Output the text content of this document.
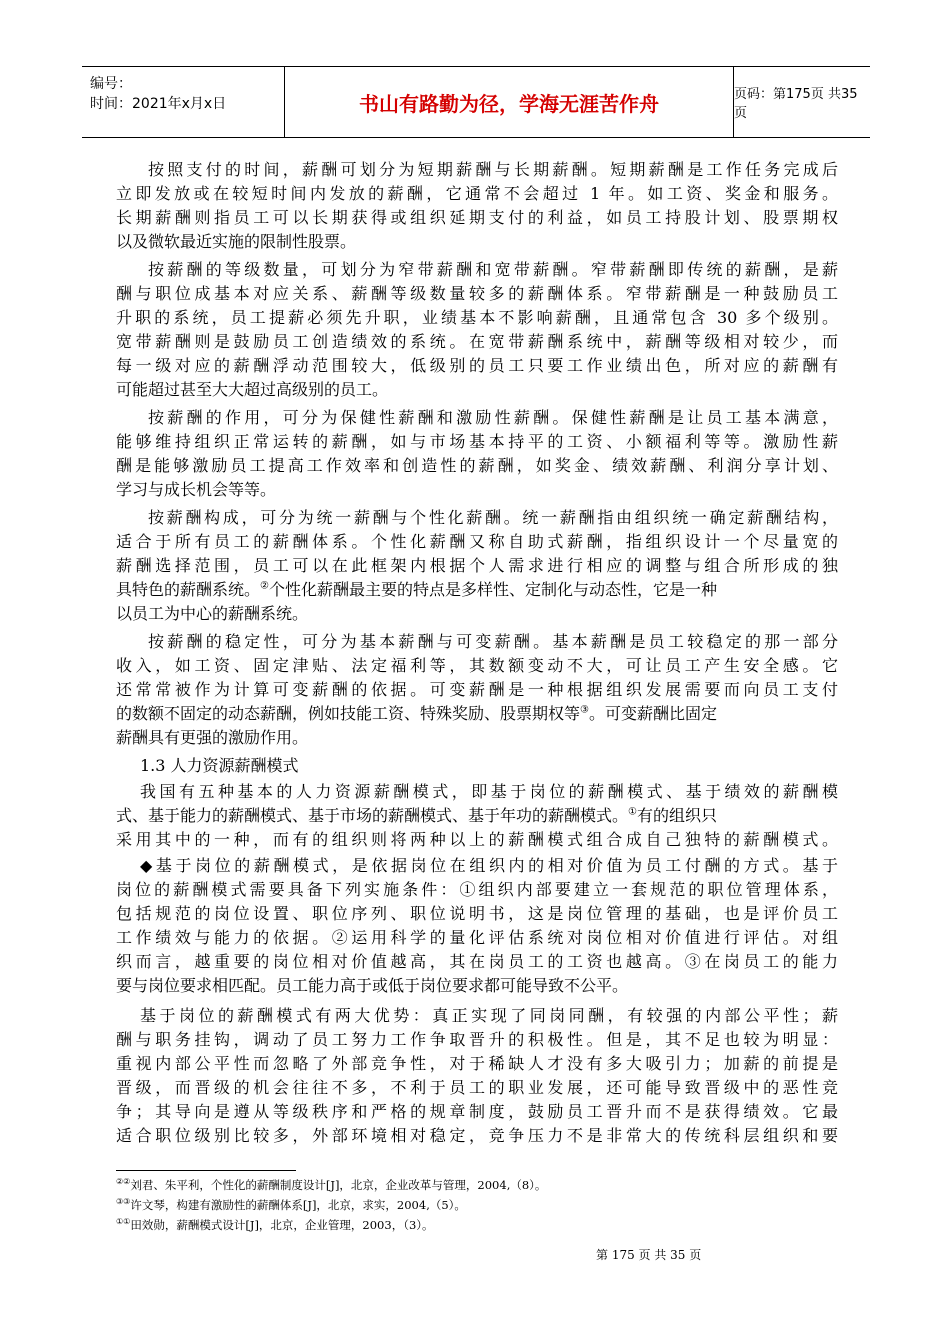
编号：
时间：2021年x月x日	书山有路勤为径，学海无涯苦作舟	页码：第175页 共35页
按照支付的时间，薪酬可划分为短期薪酬与长期薪酬。短期薪酬是工作任务完成后
立即发放或在较短时间内发放的薪酬，它通常不会超过 1 年。如工资、奖金和服务。
长期薪酬则指员工可以长期获得或组织延期支付的利益，如员工持股计划、股票期权
以及微软最近实施的限制性股票。
按薪酬的等级数量，可划分为窄带薪酬和宽带薪酬。窄带薪酬即传统的薪酬，是薪
酬与职位成基本对应关系、薪酬等级数量较多的薪酬体系。窄带薪酬是一种鼓励员工
升职的系统，员工提薪必须先升职，业绩基本不影响薪酬，且通常包含 30 多个级别。
宽带薪酬则是鼓励员工创造绩效的系统。在宽带薪酬系统中，薪酬等级相对较少，而
每一级对应的薪酬浮动范围较大，低级别的员工只要工作业绩出色，所对应的薪酬有
可能超过甚至大大超过高级别的员工。
按薪酬的作用，可分为保健性薪酬和激励性薪酬。保健性薪酬是让员工基本满意，
能够维持组织正常运转的薪酬，如与市场基本持平的工资、小额福利等等。激励性薪
酬是能够激励员工提高工作效率和创造性的薪酬，如奖金、绩效薪酬、利润分享计划、
学习与成长机会等等。
按薪酬构成，可分为统一薪酬与个性化薪酬。统一薪酬指由组织统一确定薪酬结构，
适合于所有员工的薪酬体系。个性化薪酬又称自助式薪酬，指组织设计一个尽量宽的
薪酬选择范围，员工可以在此框架内根据个人需求进行相应的调整与组合所形成的独
具特色的薪酬系统。②个性化薪酬最主要的特点是多样性、定制化与动态性，它是一种
以员工为中心的薪酬系统。
按薪酬的稳定性，可分为基本薪酬与可变薪酬。基本薪酬是员工较稳定的那一部分
收入，如工资、固定津贴、法定福利等，其数额变动不大，可让员工产生安全感。它
还常常被作为计算可变薪酬的依据。可变薪酬是一种根据组织发展需要而向员工支付
的数额不固定的动态薪酬，例如技能工资、特殊奖励、股票期权等③。可变薪酬比固定
薪酬具有更强的激励作用。
1.3 人力资源薪酬模式
我国有五种基本的人力资源薪酬模式，即基于岗位的薪酬模式、基于绩效的薪酬模
式、基于能力的薪酬模式、基于市场的薪酬模式、基于年功的薪酬模式。①有的组织只
采用其中的一种，而有的组织则将两种以上的薪酬模式组合成自己独特的薪酬模式。
◆基于岗位的薪酬模式，是依据岗位在组织内的相对价值为员工付酬的方式。基于
岗位的薪酬模式需要具备下列实施条件：①组织内部要建立一套规范的职位管理体系，
包括规范的岗位设置、职位序列、职位说明书，这是岗位管理的基础，也是评价员工
工作绩效与能力的依据。②运用科学的量化评估系统对岗位相对价值进行评估。对组
织而言，越重要的岗位相对价值越高，其在岗员工的工资也越高。③在岗员工的能力
要与岗位要求相匹配。员工能力高于或低于岗位要求都可能导致不公平。
基于岗位的薪酬模式有两大优势：真正实现了同岗同酬，有较强的内部公平性；薪
酬与职务挂钩，调动了员工努力工作争取晋升的积极性。但是，其不足也较为明显：
重视内部公平性而忽略了外部竞争性，对于稀缺人才没有多大吸引力；加薪的前提是
晋级，而晋级的机会往往不多，不利于员工的职业发展，还可能导致晋级中的恶性竞
争；其导向是遵从等级秩序和严格的规章制度，鼓励员工晋升而不是获得绩效。它最
适合职位级别比较多，外部环境相对稳定，竞争压力不是非常大的传统科层组织和要
②②刘君、朱平利，个性化的薪酬制度设计[J]，北京，企业改革与管理，2004,（8）。
③③许文琴，构建有激励性的薪酬体系[J]，北京，求实，2004,（5）。
①①田效勋，薪酬模式设计[J]，北京，企业管理，2003，（3）。
第 175 页 共 35 页
